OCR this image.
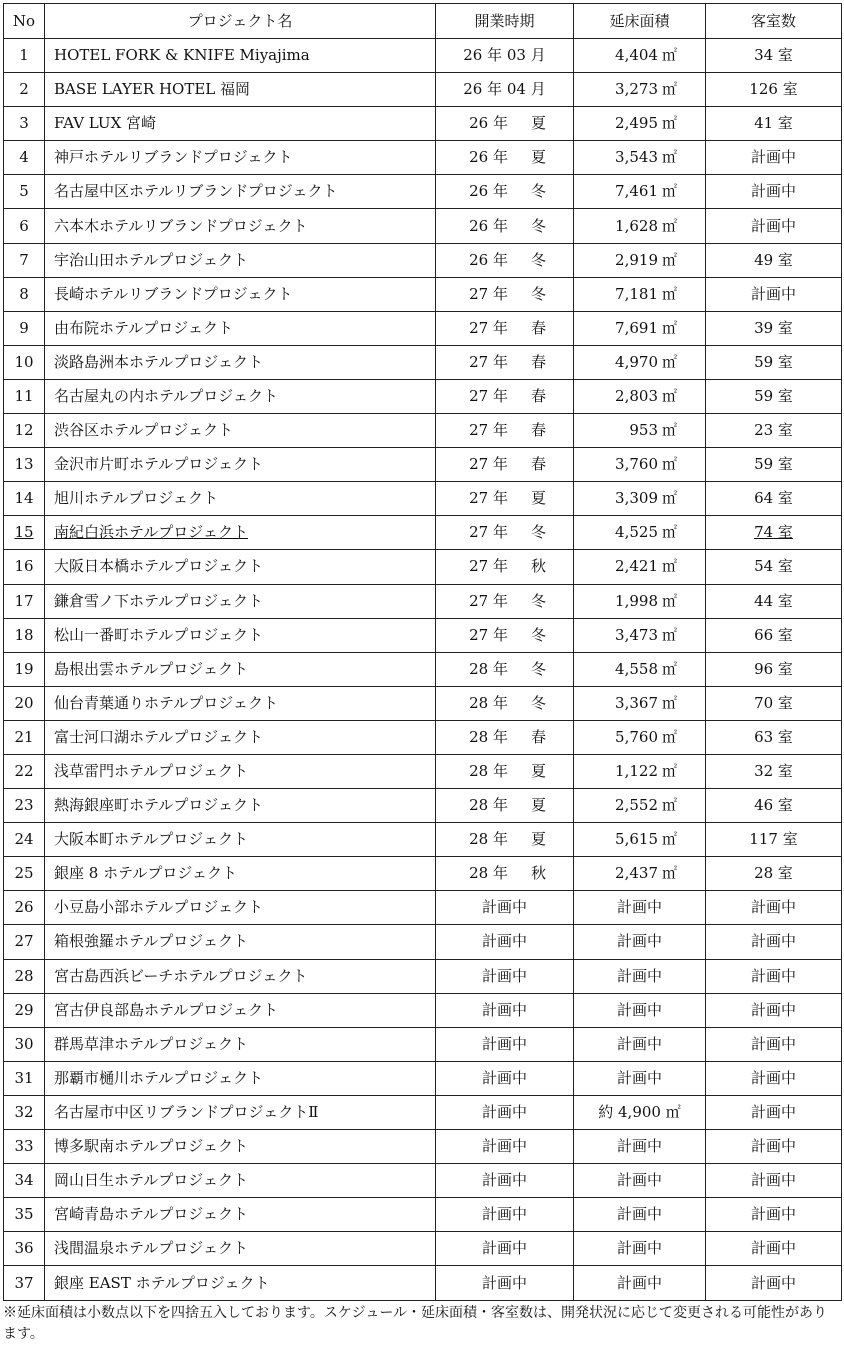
No	プロジェクト名	開業時期	延床面積	客室数
1	HOTEL FORK & KNIFE Miyajima	26 年 03 月	4,404 ㎡	34 室
2	BASE LAYER HOTEL 福岡	26 年 04 月	3,273 ㎡	126 室
3	FAV LUX 宮崎	26 年 夏	2,495 ㎡	41 室
4	神戸ホテルリブランドプロジェクト	26 年 夏	3,543 ㎡	計画中
5	名古屋中区ホテルリブランドプロジェクト	26 年 冬	7,461 ㎡	計画中
6	六本木ホテルリブランドプロジェクト	26 年 冬	1,628 ㎡	計画中
7	宇治山田ホテルプロジェクト	26 年 冬	2,919 ㎡	49 室
8	長崎ホテルリブランドプロジェクト	27 年 冬	7,181 ㎡	計画中
9	由布院ホテルプロジェクト	27 年 春	7,691 ㎡	39 室
10	淡路島洲本ホテルプロジェクト	27 年 春	4,970 ㎡	59 室
11	名古屋丸の内ホテルプロジェクト	27 年 春	2,803 ㎡	59 室
12	渋谷区ホテルプロジェクト	27 年 春	953 ㎡	23 室
13	金沢市片町ホテルプロジェクト	27 年 春	3,760 ㎡	59 室
14	旭川ホテルプロジェクト	27 年 夏	3,309 ㎡	64 室
15	南紀白浜ホテルプロジェクト	27 年 冬	4,525 ㎡	74 室
16	大阪日本橋ホテルプロジェクト	27 年 秋	2,421 ㎡	54 室
17	鎌倉雪ノ下ホテルプロジェクト	27 年 冬	1,998 ㎡	44 室
18	松山一番町ホテルプロジェクト	27 年 冬	3,473 ㎡	66 室
19	島根出雲ホテルプロジェクト	28 年 冬	4,558 ㎡	96 室
20	仙台青葉通りホテルプロジェクト	28 年 冬	3,367 ㎡	70 室
21	富士河口湖ホテルプロジェクト	28 年 春	5,760 ㎡	63 室
22	浅草雷門ホテルプロジェクト	28 年 夏	1,122 ㎡	32 室
23	熱海銀座町ホテルプロジェクト	28 年 夏	2,552 ㎡	46 室
24	大阪本町ホテルプロジェクト	28 年 夏	5,615 ㎡	117 室
25	銀座 8 ホテルプロジェクト	28 年 秋	2,437 ㎡	28 室
26	小豆島小部ホテルプロジェクト	計画中	計画中	計画中
27	箱根強羅ホテルプロジェクト	計画中	計画中	計画中
28	宮古島西浜ビーチホテルプロジェクト	計画中	計画中	計画中
29	宮古伊良部島ホテルプロジェクト	計画中	計画中	計画中
30	群馬草津ホテルプロジェクト	計画中	計画中	計画中
31	那覇市樋川ホテルプロジェクト	計画中	計画中	計画中
32	名古屋市中区リブランドプロジェクトⅡ	計画中	約 4,900 ㎡	計画中
33	博多駅南ホテルプロジェクト	計画中	計画中	計画中
34	岡山日生ホテルプロジェクト	計画中	計画中	計画中
35	宮崎青島ホテルプロジェクト	計画中	計画中	計画中
36	浅間温泉ホテルプロジェクト	計画中	計画中	計画中
37	銀座 EAST ホテルプロジェクト	計画中	計画中	計画中
※延床面積は小数点以下を四捨五入しております。スケジュール・延床面積・客室数は、開発状況に応じて変更される可能性があります。
